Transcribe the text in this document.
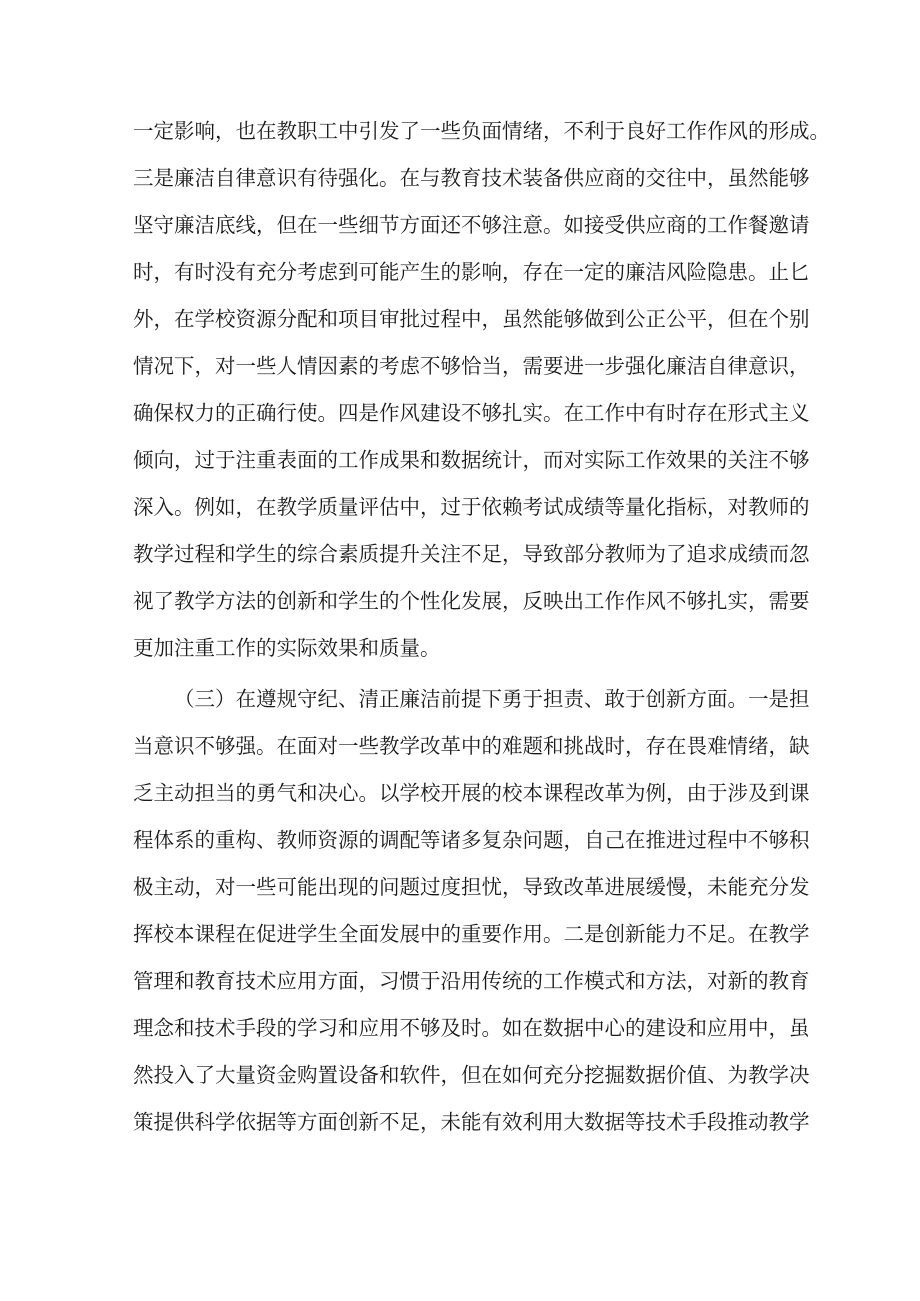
一定影响，也在教职工中引发了一些负面情绪，不利于良好工作作风的形成。
三是廉洁自律意识有待强化。在与教育技术装备供应商的交往中，虽然能够
坚守廉洁底线，但在一些细节方面还不够注意。如接受供应商的工作餐邀请
时，有时没有充分考虑到可能产生的影响，存在一定的廉洁风险隐患。止匕
外，在学校资源分配和项目审批过程中，虽然能够做到公正公平，但在个别
情况下，对一些人情因素的考虑不够恰当，需要进一步强化廉洁自律意识，
确保权力的正确行使。四是作风建设不够扎实。在工作中有时存在形式主义
倾向，过于注重表面的工作成果和数据统计，而对实际工作效果的关注不够
深入。例如，在教学质量评估中，过于依赖考试成绩等量化指标，对教师的
教学过程和学生的综合素质提升关注不足，导致部分教师为了追求成绩而忽
视了教学方法的创新和学生的个性化发展，反映出工作作风不够扎实，需要
更加注重工作的实际效果和质量。
（三）在遵规守纪、清正廉洁前提下勇于担责、敢于创新方面。一是担
当意识不够强。在面对一些教学改革中的难题和挑战时，存在畏难情绪，缺
乏主动担当的勇气和决心。以学校开展的校本课程改革为例，由于涉及到课
程体系的重构、教师资源的调配等诸多复杂问题，自己在推进过程中不够积
极主动，对一些可能出现的问题过度担忧，导致改革进展缓慢，未能充分发
挥校本课程在促进学生全面发展中的重要作用。二是创新能力不足。在教学
管理和教育技术应用方面，习惯于沿用传统的工作模式和方法，对新的教育
理念和技术手段的学习和应用不够及时。如在数据中心的建设和应用中，虽
然投入了大量资金购置设备和软件，但在如何充分挖掘数据价值、为教学决
策提供科学依据等方面创新不足，未能有效利用大数据等技术手段推动教学
